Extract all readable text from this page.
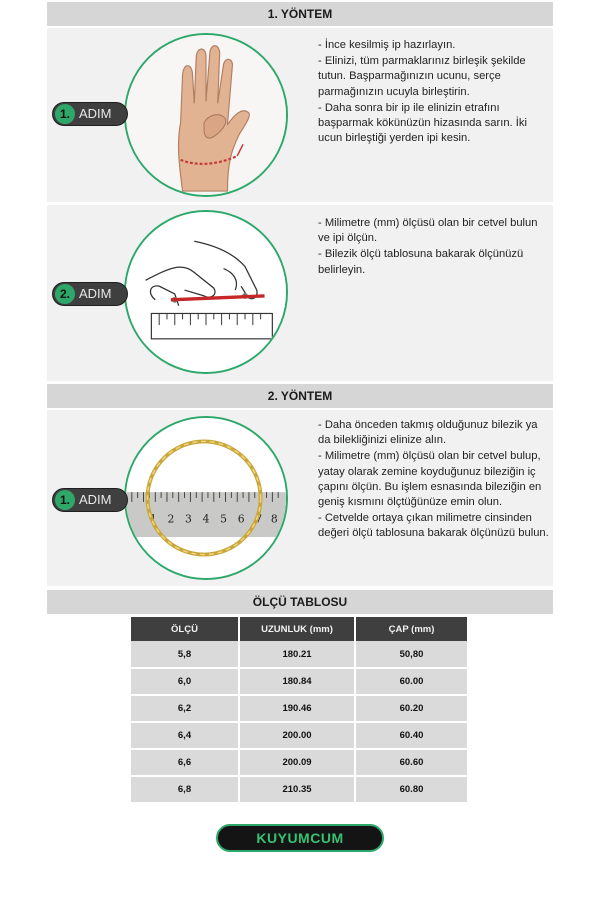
1. YÖNTEM
1. ADIM

- İnce kesilmiş ip hazırlayın.

- Elinizi, tüm parmaklarınız birleşik şekilde tutun. Başparmağınızın ucunu, serçe parmağınızın ucuyla birleştirin.

- Daha sonra bir ip ile elinizin etrafını başparmak kökünüzün hizasında sarın. İki ucun birleştiği yerden ipi kesin.

2. ADIM

- Milimetre (mm) ölçüsü olan bir cetvel bulun ve ipi ölçün.

- Bilezik ölçü tablosuna bakarak ölçünüzü belirleyin.

2. YÖNTEM
1 2 3 4 5 6 7 8
1. ADIM

- Daha önceden takmış olduğunuz bilezik ya da bilekliğinizi elinize alın.

- Milimetre (mm) ölçüsü olan bir cetvel bulup, yatay olarak zemine koyduğunuz bileziğin iç çapını ölçün. Bu işlem esnasında bileziğin en geniş kısmını ölçtüğünüze emin olun.

- Cetvelde ortaya çıkan milimetre cinsinden değeri ölçü tablosuna bakarak ölçünüzü bulun.

ÖLÇÜ TABLOSU
ÖLÇÜ	UZUNLUK (mm)	ÇAP (mm)
5,8	180.21	50,80
6,0	180.84	60.00
6,2	190.46	60.20
6,4	200.00	60.40
6,6	200.09	60.60
6,8	210.35	60.80
KUYUMCUM
